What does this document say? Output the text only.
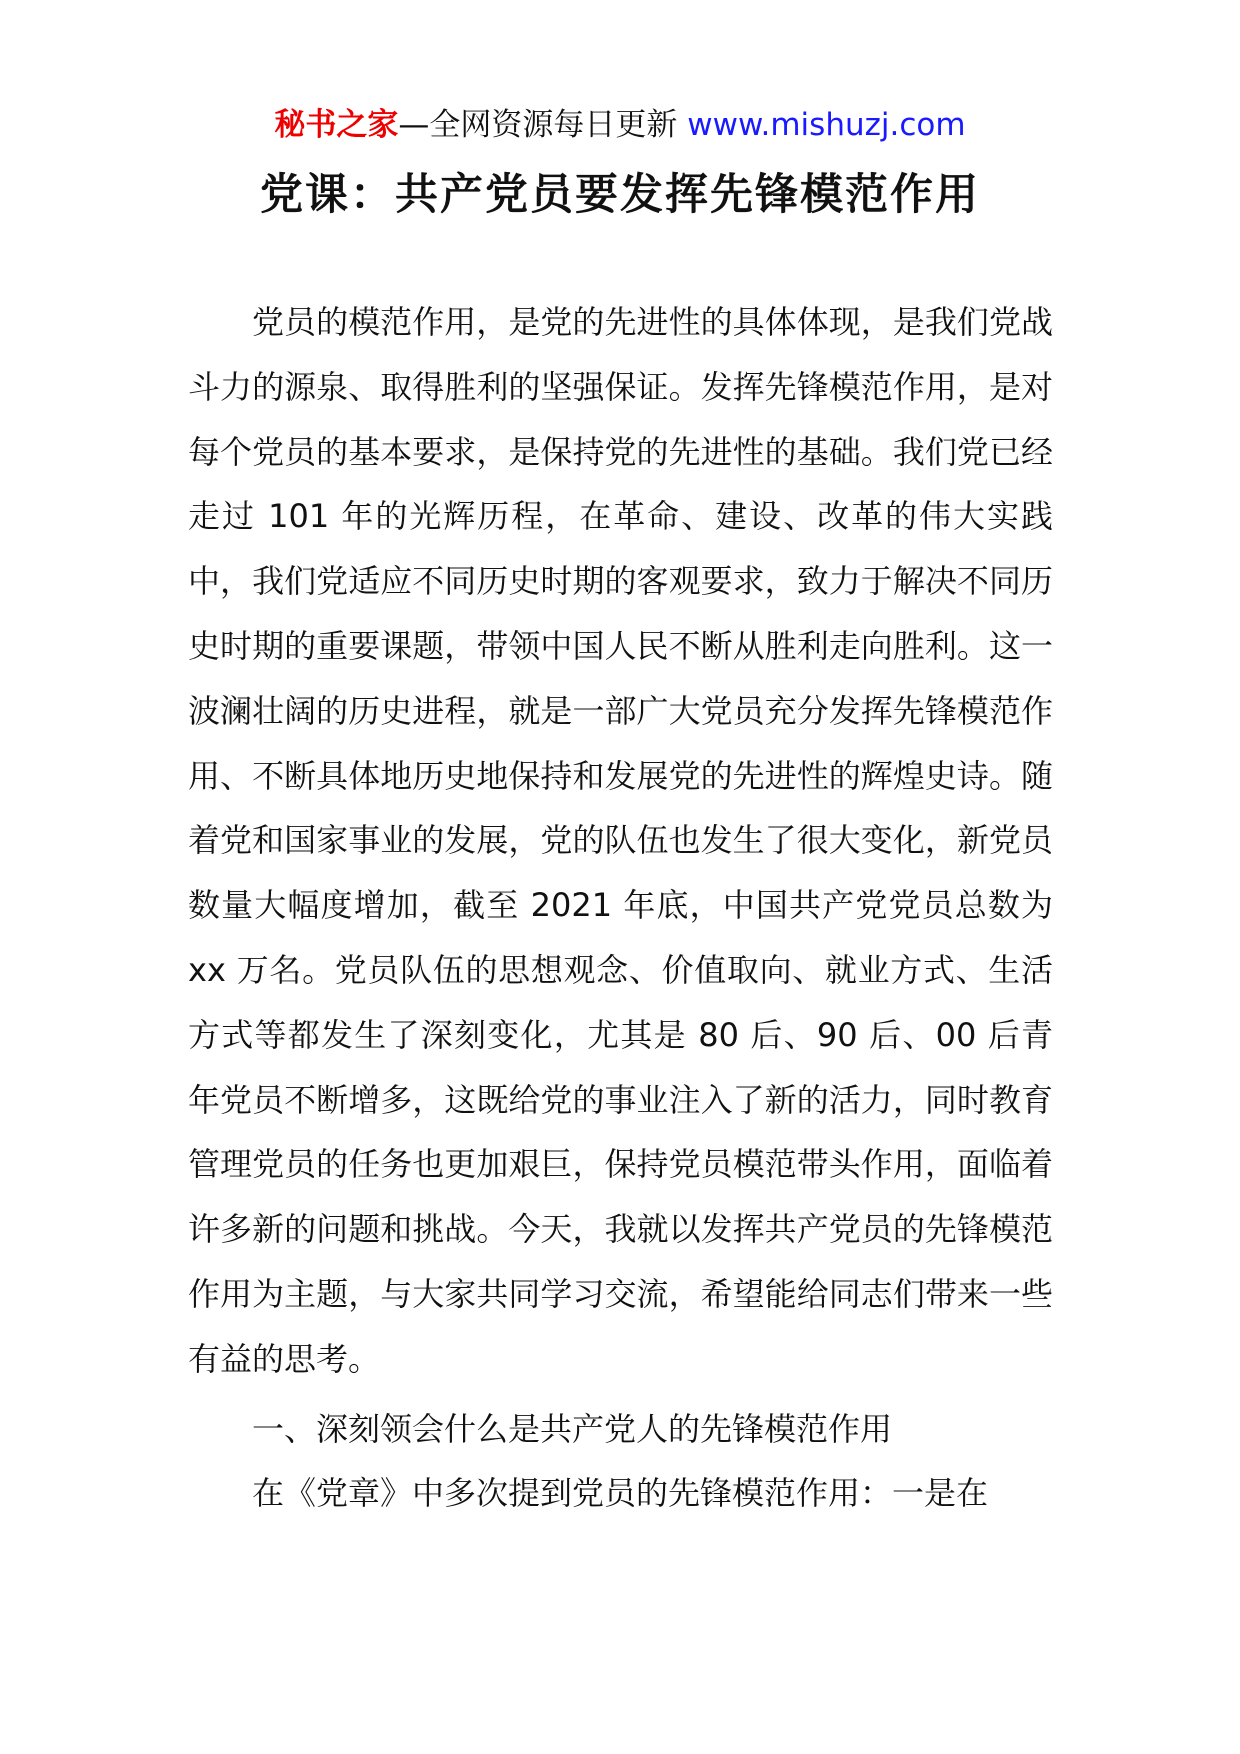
秘书之家—全网资源每日更新 www.mishuzj.com
党课：共产党员要发挥先锋模范作用

党员的模范作用，是党的先进性的具体体现，是我们党战斗力的源泉、取得胜利的坚强保证。发挥先锋模范作用，是对每个党员的基本要求，是保持党的先进性的基础。我们党已经走过 101 年的光辉历程，在革命、建设、改革的伟大实践中，我们党适应不同历史时期的客观要求，致力于解决不同历史时期的重要课题，带领中国人民不断从胜利走向胜利。这一波澜壮阔的历史进程，就是一部广大党员充分发挥先锋模范作用、不断具体地历史地保持和发展党的先进性的辉煌史诗。随着党和国家事业的发展，党的队伍也发生了很大变化，新党员数量大幅度增加，截至 2021 年底，中国共产党党员总数为 xx 万名。党员队伍的思想观念、价值取向、就业方式、生活方式等都发生了深刻变化，尤其是 80 后、90 后、00 后青年党员不断增多，这既给党的事业注入了新的活力，同时教育管理党员的任务也更加艰巨，保持党员模范带头作用，面临着许多新的问题和挑战。今天，我就以发挥共产党员的先锋模范作用为主题，与大家共同学习交流，希望能给同志们带来一些有益的思考。

一、深刻领会什么是共产党人的先锋模范作用

在《党章》中多次提到党员的先锋模范作用：一是在
